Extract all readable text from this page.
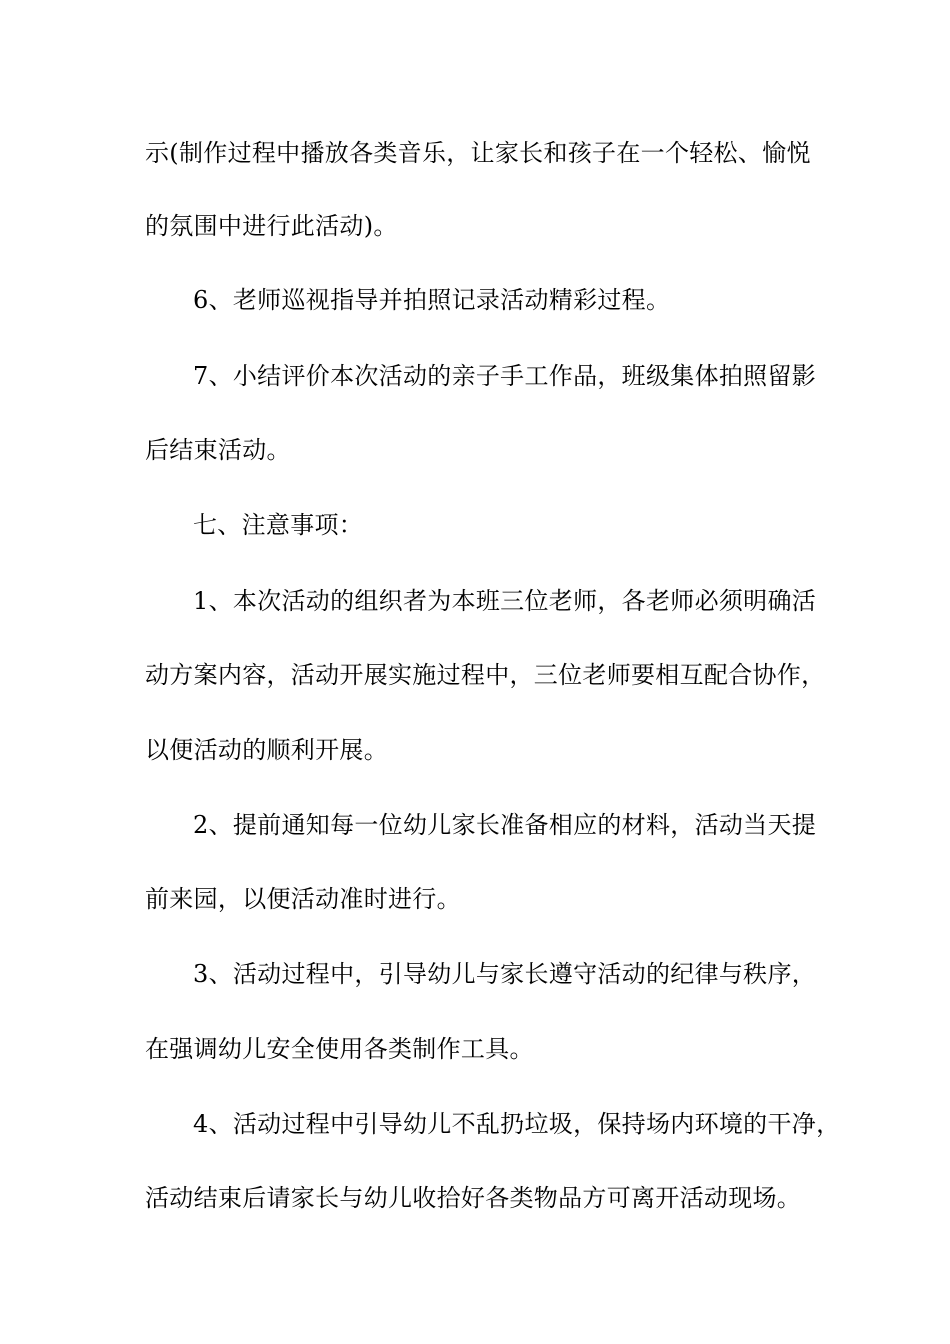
示(制作过程中播放各类音乐，让家长和孩子在一个轻松、愉悦
的氛围中进行此活动)。
6、老师巡视指导并拍照记录活动精彩过程。
7、小结评价本次活动的亲子手工作品，班级集体拍照留影
后结束活动。
七、注意事项：
1、本次活动的组织者为本班三位老师，各老师必须明确活
动方案内容，活动开展实施过程中，三位老师要相互配合协作，
以便活动的顺利开展。
2、提前通知每一位幼儿家长准备相应的材料，活动当天提
前来园，以便活动准时进行。
3、活动过程中，引导幼儿与家长遵守活动的纪律与秩序，
在强调幼儿安全使用各类制作工具。
4、活动过程中引导幼儿不乱扔垃圾，保持场内环境的干净，
活动结束后请家长与幼儿收拾好各类物品方可离开活动现场。
